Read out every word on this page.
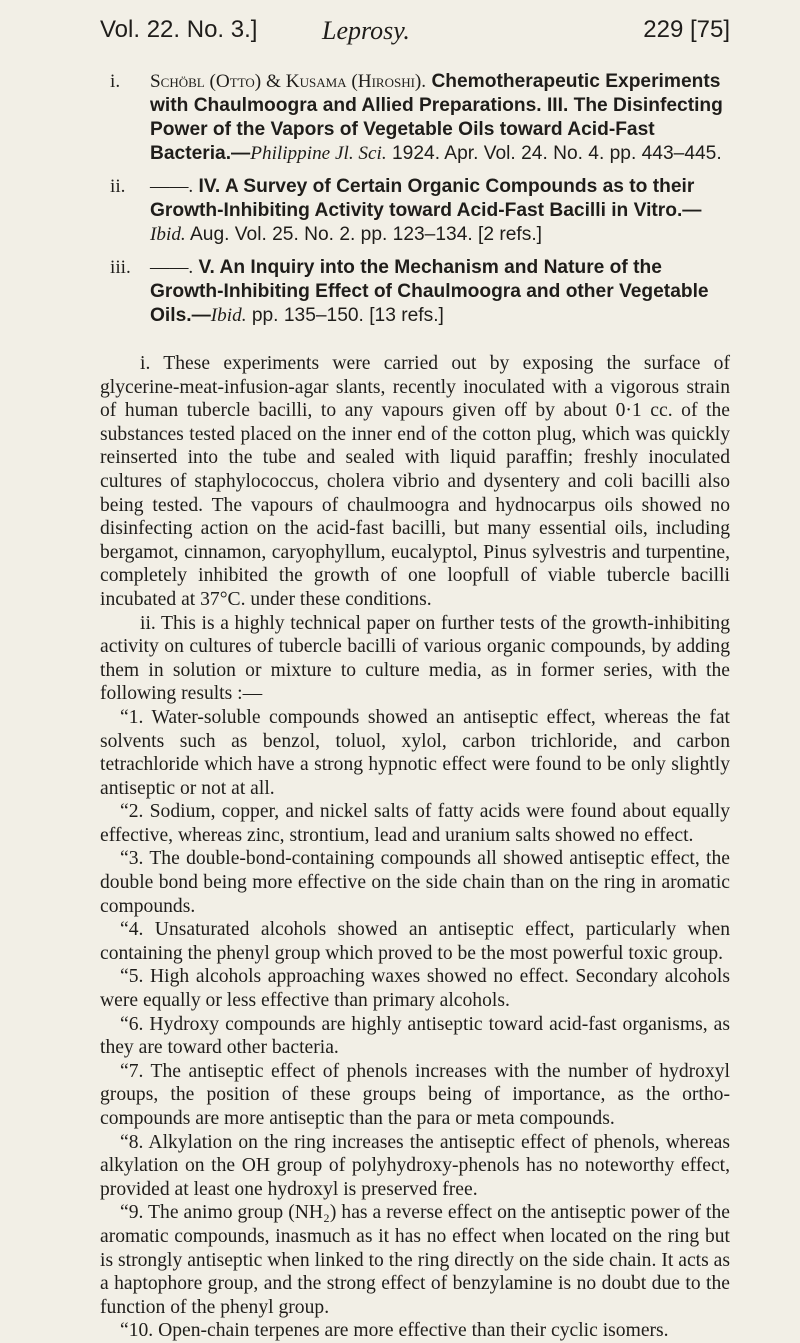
Vol. 22. No. 3.] Leprosy.	229 [75]
i. Schöbl (Otto) & Kusama (Hiroshi). Chemotherapeutic Experiments with Chaulmoogra and Allied Preparations. III. The Disinfecting Power of the Vapors of Vegetable Oils toward Acid-Fast Bacteria.—Philippine Jl. Sci. 1924. Apr. Vol. 24. No. 4. pp. 443–445.
ii. ——. IV. A Survey of Certain Organic Compounds as to their Growth-Inhibiting Activity toward Acid-Fast Bacilli in Vitro.—Ibid. Aug. Vol. 25. No. 2. pp. 123–134. [2 refs.]
iii. ——. V. An Inquiry into the Mechanism and Nature of the Growth-Inhibiting Effect of Chaulmoogra and other Vegetable Oils.—Ibid. pp. 135–150. [13 refs.]

i. These experiments were carried out by exposing the surface of glycerine-meat-infusion-agar slants, recently inoculated with a vigorous strain of human tubercle bacilli, to any vapours given off by about 0·1 cc. of the substances tested placed on the inner end of the cotton plug, which was quickly reinserted into the tube and sealed with liquid paraffin; freshly inoculated cultures of staphylococcus, cholera vibrio and dysentery and coli bacilli also being tested. The vapours of chaulmoogra and hydnocarpus oils showed no disinfecting action on the acid-fast bacilli, but many essential oils, including bergamot, cinnamon, caryophyllum, eucalyptol, Pinus sylvestris and turpentine, completely inhibited the growth of one loopfull of viable tubercle bacilli incubated at 37°C. under these conditions.

ii. This is a highly technical paper on further tests of the growth-inhibiting activity on cultures of tubercle bacilli of various organic compounds, by adding them in solution or mixture to culture media, as in former series, with the following results :—

“1. Water-soluble compounds showed an antiseptic effect, whereas the fat solvents such as benzol, toluol, xylol, carbon trichloride, and carbon tetrachloride which have a strong hypnotic effect were found to be only slightly antiseptic or not at all.

“2. Sodium, copper, and nickel salts of fatty acids were found about equally effective, whereas zinc, strontium, lead and uranium salts showed no effect.

“3. The double-bond-containing compounds all showed antiseptic effect, the double bond being more effective on the side chain than on the ring in aromatic compounds.

“4. Unsaturated alcohols showed an antiseptic effect, particularly when containing the phenyl group which proved to be the most powerful toxic group.

“5. High alcohols approaching waxes showed no effect. Secondary alcohols were equally or less effective than primary alcohols.

“6. Hydroxy compounds are highly antiseptic toward acid-fast organisms, as they are toward other bacteria.

“7. The antiseptic effect of phenols increases with the number of hydroxyl groups, the position of these groups being of importance, as the ortho-compounds are more antiseptic than the para or meta compounds.

“8. Alkylation on the ring increases the antiseptic effect of phenols, whereas alkylation on the OH group of polyhydroxy-phenols has no noteworthy effect, provided at least one hydroxyl is preserved free.

“9. The animo group (NH₂) has a reverse effect on the antiseptic power of the aromatic compounds, inasmuch as it has no effect when located on the ring but is strongly antiseptic when linked to the ring directly on the side chain. It acts as a haptophore group, and the strong effect of benzylamine is no doubt due to the function of the phenyl group.

“10. Open-chain terpenes are more effective than their cyclic isomers.
